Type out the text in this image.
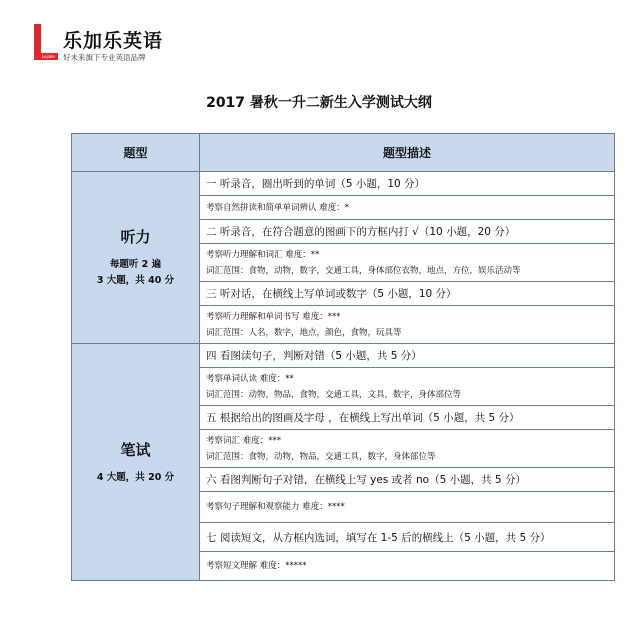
Lejiale
乐加乐英语
好未来旗下专业英语品牌
2017 暑秋一升二新生入学测试大纲
题型	题型描述

听力
每题听 2 遍
3 大题，共 40 分	一 听录音，圈出听到的单词（5 小题，10 分）
	考察自然拼读和简单单词辨认 难度：*
	二 听录音，在符合题意的图画下的方框内打 √（10 小题，20 分）

	考察听力理解和词汇 难度：**
词汇范围：食物，动物，数字，交通工具，身体部位衣物，地点，方位，娱乐活动等

	三 听对话，在横线上写单词或数字（5 小题，10 分）

	考察听力理解和单词书写 难度：***
词汇范围：人名，数字，地点，颜色，食物，玩具等

笔试
4 大题，共 20 分	四 看图读句子，判断对错（5 小题，共 5 分）

	考察单词认读 难度：**
词汇范围：动物，物品，食物，交通工具，文具，数字，身体部位等

	五 根据给出的图画及字母 ，在横线上写出单词（5 小题，共 5 分）

	考察词汇 难度：***
词汇范围：食物，动物，物品，交通工具，数字，身体部位等

	六 看图判断句子对错，在横线上写 yes 或者 no（5 小题，共 5 分）
	考察句子理解和观察能力 难度：****
	七 阅读短文，从方框内选词，填写在 1-5 后的横线上（5 小题，共 5 分）
	考察短文理解 难度：*****
